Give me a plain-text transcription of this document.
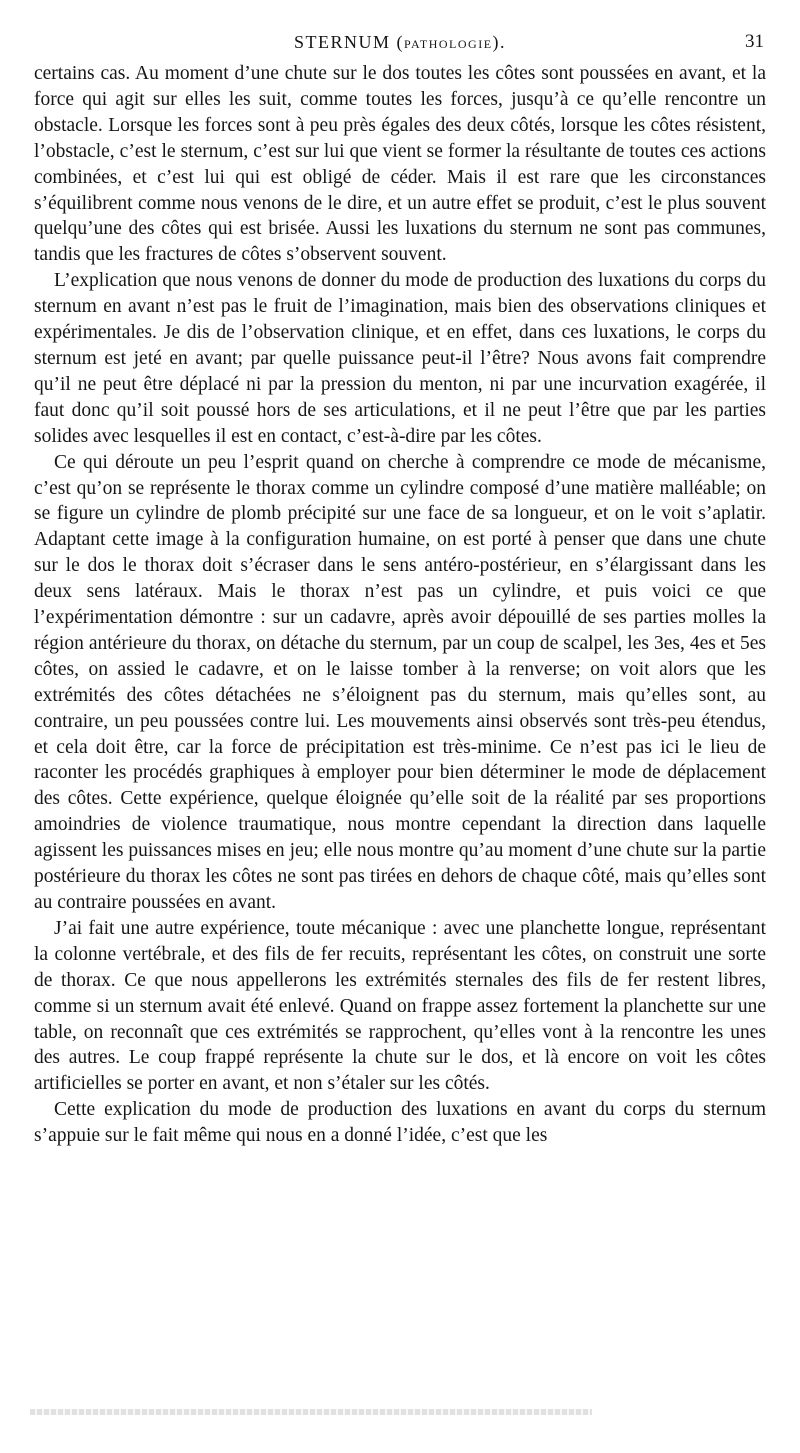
STERNUM (PATHOLOGIE).	31

certains cas. Au moment d’une chute sur le dos toutes les côtes sont poussées en avant, et la force qui agit sur elles les suit, comme toutes les forces, jusqu’à ce qu’elle rencontre un obstacle. Lorsque les forces sont à peu près égales des deux côtés, lorsque les côtes résistent, l’obstacle, c’est le sternum, c’est sur lui que vient se former la résultante de toutes ces actions combinées, et c’est lui qui est obligé de céder. Mais il est rare que les circonstances s’équilibrent comme nous venons de le dire, et un autre effet se produit, c’est le plus souvent quelqu’une des côtes qui est brisée. Aussi les luxations du sternum ne sont pas communes, tandis que les fractures de côtes s’observent souvent.

L’explication que nous venons de donner du mode de production des luxations du corps du sternum en avant n’est pas le fruit de l’imagination, mais bien des observations cliniques et expérimentales. Je dis de l’observation clinique, et en effet, dans ces luxations, le corps du sternum est jeté en avant; par quelle puissance peut-il l’être? Nous avons fait comprendre qu’il ne peut être déplacé ni par la pression du menton, ni par une incurvation exagérée, il faut donc qu’il soit poussé hors de ses articulations, et il ne peut l’être que par les parties solides avec lesquelles il est en contact, c’est-à-dire par les côtes.

Ce qui déroute un peu l’esprit quand on cherche à comprendre ce mode de mécanisme, c’est qu’on se représente le thorax comme un cylindre composé d’une matière malléable; on se figure un cylindre de plomb précipité sur une face de sa longueur, et on le voit s’aplatir. Adaptant cette image à la configuration humaine, on est porté à penser que dans une chute sur le dos le thorax doit s’écraser dans le sens antéro-postérieur, en s’élargissant dans les deux sens latéraux. Mais le thorax n’est pas un cylindre, et puis voici ce que l’expérimentation démontre : sur un cadavre, après avoir dépouillé de ses parties molles la région antérieure du thorax, on détache du sternum, par un coup de scalpel, les 3es, 4es et 5es côtes, on assied le cadavre, et on le laisse tomber à la renverse; on voit alors que les extrémités des côtes détachées ne s’éloignent pas du sternum, mais qu’elles sont, au contraire, un peu poussées contre lui. Les mouvements ainsi observés sont très-peu étendus, et cela doit être, car la force de précipitation est très-minime. Ce n’est pas ici le lieu de raconter les procédés graphiques à employer pour bien déterminer le mode de déplacement des côtes. Cette expérience, quelque éloignée qu’elle soit de la réalité par ses proportions amoindries de violence traumatique, nous montre cependant la direction dans laquelle agissent les puissances mises en jeu; elle nous montre qu’au moment d’une chute sur la partie postérieure du thorax les côtes ne sont pas tirées en dehors de chaque côté, mais qu’elles sont au contraire poussées en avant.

J’ai fait une autre expérience, toute mécanique : avec une planchette longue, représentant la colonne vertébrale, et des fils de fer recuits, représentant les côtes, on construit une sorte de thorax. Ce que nous appellerons les extrémités sternales des fils de fer restent libres, comme si un sternum avait été enlevé. Quand on frappe assez fortement la planchette sur une table, on reconnaît que ces extrémités se rapprochent, qu’elles vont à la rencontre les unes des autres. Le coup frappé représente la chute sur le dos, et là encore on voit les côtes artificielles se porter en avant, et non s’étaler sur les côtés.

Cette explication du mode de production des luxations en avant du corps du sternum s’appuie sur le fait même qui nous en a donné l’idée, c’est que les
